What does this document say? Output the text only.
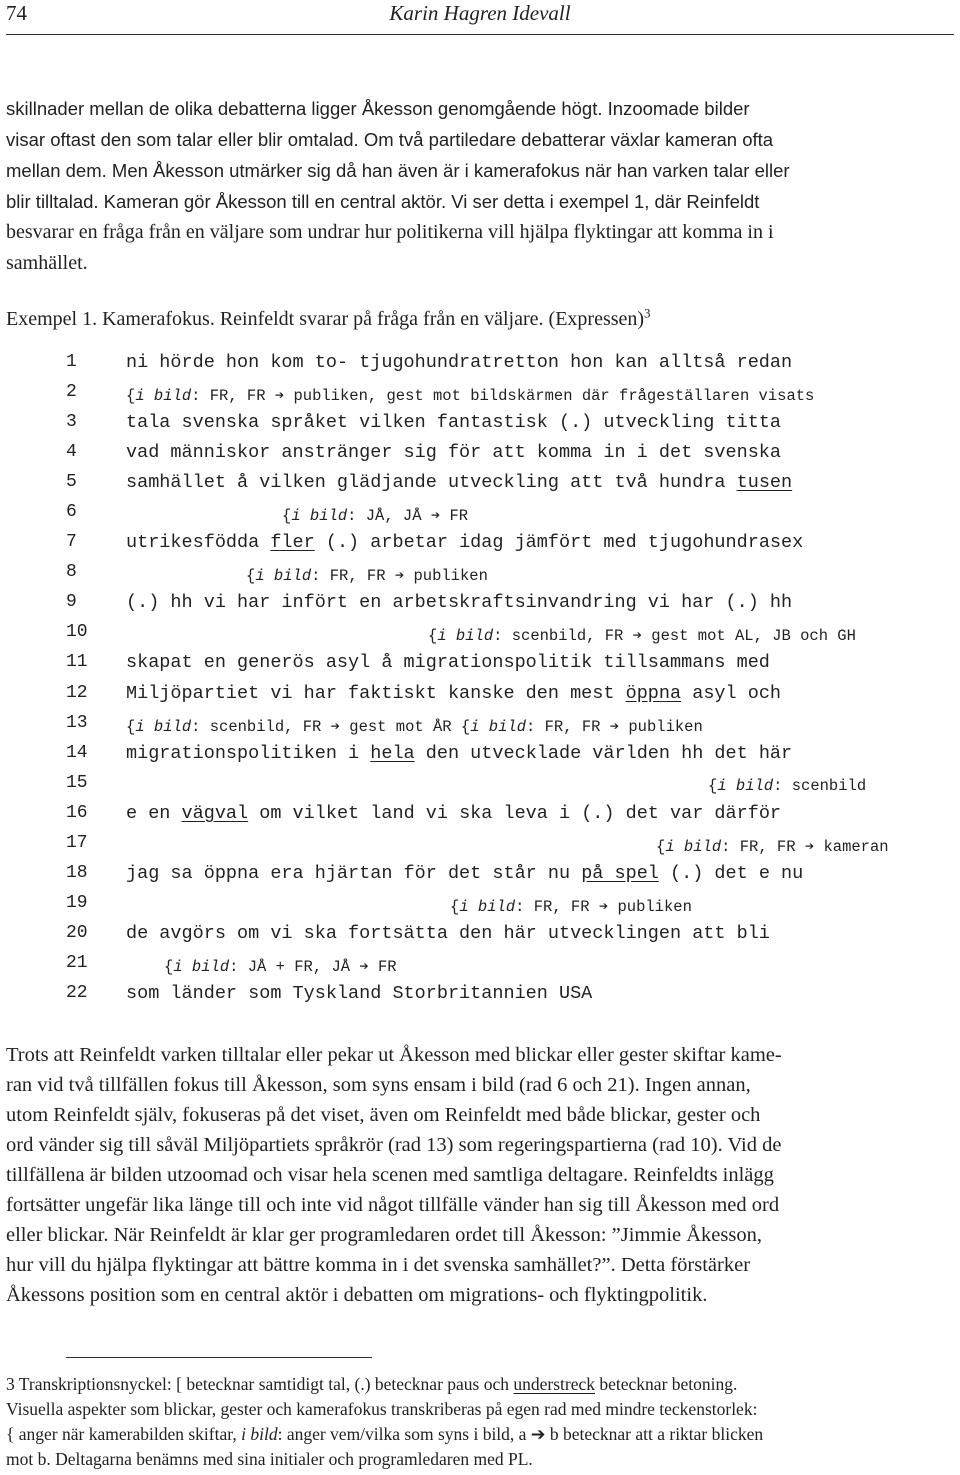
74	Karin Hagren Idevall
skillnader mellan de olika debatterna ligger Åkesson genomgående högt. Inzoomade bilder
visar oftast den som talar eller blir omtalad. Om två partiledare debatterar växlar kameran ofta
mellan dem. Men Åkesson utmärker sig då han även är i kamerafokus när han varken talar eller
blir tilltalad. Kameran gör Åkesson till en central aktör. Vi ser detta i exempel 1, där Reinfeldt
besvarar en fråga från en väljare som undrar hur politikerna vill hjälpa flyktingar att komma in i
samhället.
Exempel 1. Kamerafokus. Reinfeldt svarar på fråga från en väljare. (Expressen)$^3$
1	ni hörde hon kom to- tjugohundratretton hon kan alltså redan
2	{i bild: FR, FR ➔ publiken, gest mot bildskärmen där frågeställaren visats
3	tala svenska språket vilken fantastisk (.) utveckling titta
4	vad människor anstränger sig för att komma in i det svenska
5	samhället å vilken glädjande utveckling att två hundra tusen
6	{i bild: JÅ, JÅ ➔ FR
7	utrikesfödda fler (.) arbetar idag jämfört med tjugohundrasex
8	{i bild: FR, FR ➔ publiken
9	(.) hh vi har infört en arbetskraftsinvandring vi har (.) hh
10	{i bild: scenbild, FR ➔ gest mot AL, JB och GH
11	skapat en generös asyl å migrationspolitik tillsammans med
12	Miljöpartiet vi har faktiskt kanske den mest öppna asyl och
13	{i bild: scenbild, FR ➔ gest mot ÅR {i bild: FR, FR ➔ publiken
14	migrationspolitiken i hela den utvecklade världen hh det här
15	{i bild: scenbild
16	e en vägval om vilket land vi ska leva i (.) det var därför
17	{i bild: FR, FR ➔ kameran
18	jag sa öppna era hjärtan för det står nu på spel (.) det e nu
19	{i bild: FR, FR ➔ publiken
20	de avgörs om vi ska fortsätta den här utvecklingen att bli
21	{i bild: JÅ + FR, JÅ ➔ FR
22	som länder som Tyskland Storbritannien USA
Trots att Reinfeldt varken tilltalar eller pekar ut Åkesson med blickar eller gester skiftar kame-
ran vid två tillfällen fokus till Åkesson, som syns ensam i bild (rad 6 och 21). Ingen annan,
utom Reinfeldt själv, fokuseras på det viset, även om Reinfeldt med både blickar, gester och
ord vänder sig till såväl Miljöpartiets språkrör (rad 13) som regeringspartierna (rad 10). Vid de
tillfällena är bilden utzoomad och visar hela scenen med samtliga deltagare. Reinfeldts inlägg
fortsätter ungefär lika länge till och inte vid något tillfälle vänder han sig till Åkesson med ord
eller blickar. När Reinfeldt är klar ger programledaren ordet till Åkesson: ”Jimmie Åkesson,
hur vill du hjälpa flyktingar att bättre komma in i det svenska samhället?”. Detta förstärker
Åkessons position som en central aktör i debatten om migrations- och flyktingpolitik.
3 Transkriptionsnyckel: [ betecknar samtidigt tal, (.) betecknar paus och understreck betecknar betoning.
Visuella aspekter som blickar, gester och kamerafokus transkriberas på egen rad med mindre teckenstorlek:
{ anger när kamerabilden skiftar, i bild: anger vem/vilka som syns i bild, a ➔ b betecknar att a riktar blicken
mot b. Deltagarna benämns med sina initialer och programledaren med PL.
